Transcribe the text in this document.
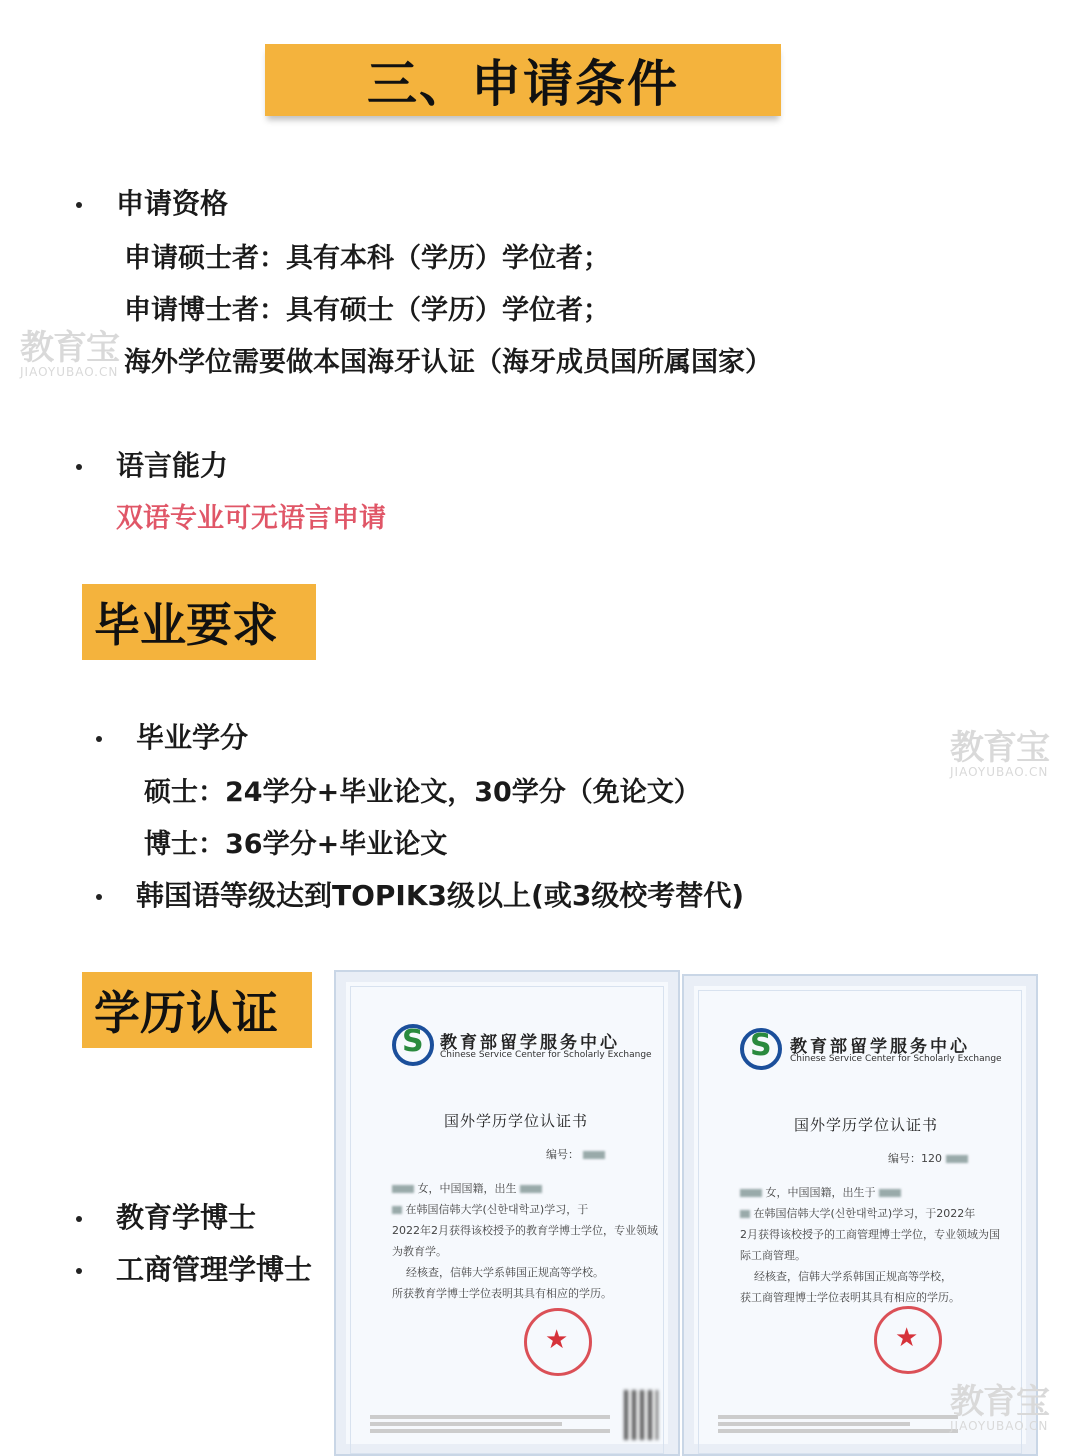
三、申请条件
申请资格
申请硕士者：具有本科（学历）学位者；
申请博士者：具有硕士（学历）学位者；
海外学位需要做本国海牙认证（海牙成员国所属国家）
语言能力
双语专业可无语言申请
毕业要求
毕业学分
硕士：24学分+毕业论文，30学分（免论文）
博士：36学分+毕业论文
韩国语等级达到TOPIK3级以上(或3级校考替代)
学历认证
教育学博士
工商管理学博士
S 教育部留学服务中心
Chinese Service Center for Scholarly Exchange
国外学历学位认证书
编号：
女，中国国籍，出生
在韩国信韩大学(신한대학교)学习，于
2022年2月获得该校授予的教育学博士学位，专业领域
为教育学。
经核查，信韩大学系韩国正规高等学校。
所获教育学博士学位表明其具有相应的学历。
★
S 教育部留学服务中心
Chinese Service Center for Scholarly Exchange
国外学历学位认证书
编号：120
女，中国国籍，出生于
在韩国信韩大学(신한대학교)学习，于2022年
2月获得该校授予的工商管理博士学位，专业领域为国
际工商管理。
经核查，信韩大学系韩国正规高等学校，
获工商管理博士学位表明其具有相应的学历。
★
教育宝
JIAOYUBAO.CN
教育宝
JIAOYUBAO.CN
教育宝
JIAOYUBAO.CN
